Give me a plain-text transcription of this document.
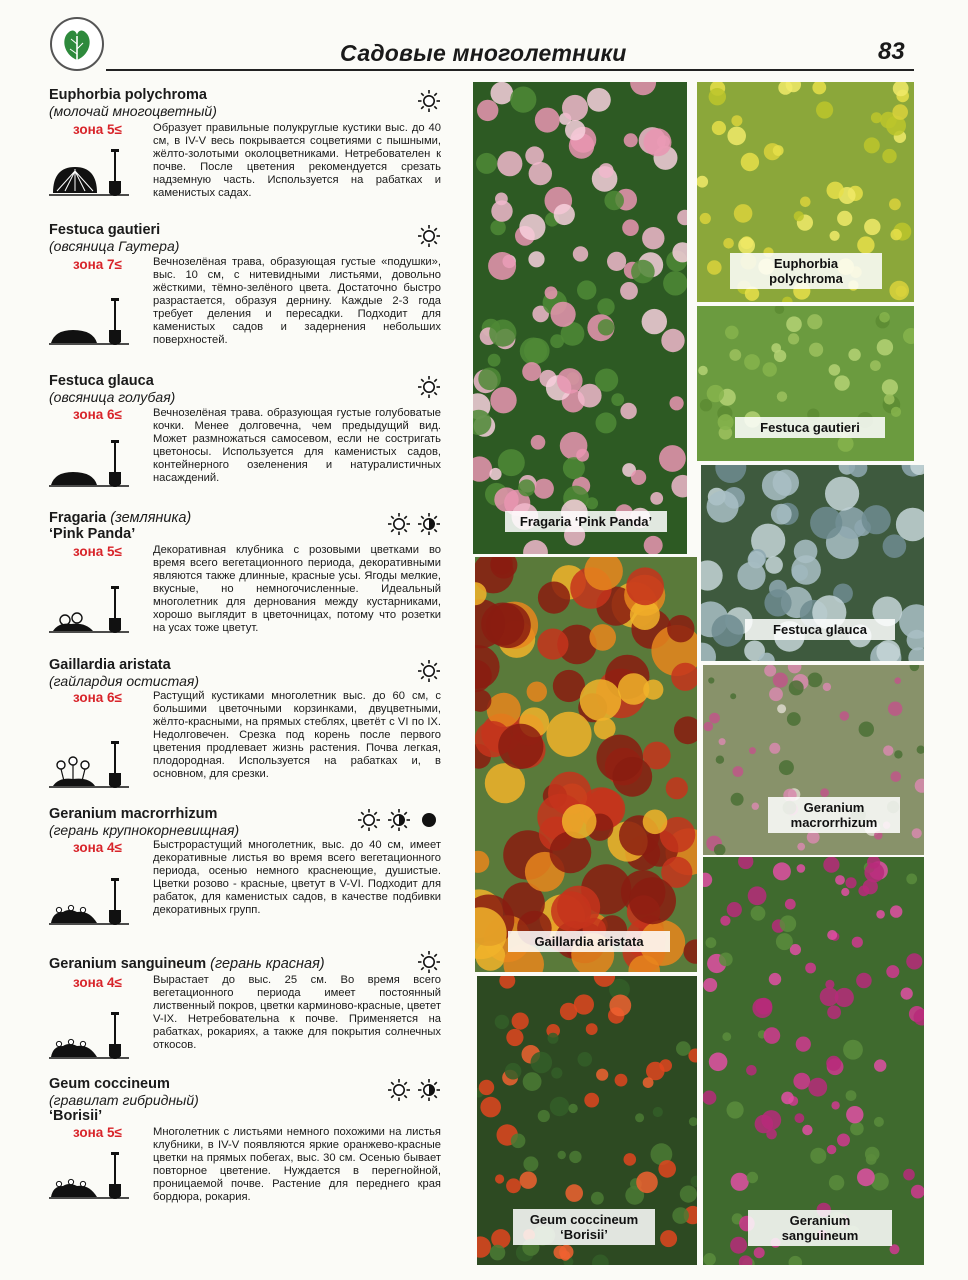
Садовые многолетники	83
Euphorbia polychroma
(молочай многоцветный)
зона 5≤	Образует правильные полукруглые кустики выс. до 40 см, в IV-V весь покрывается соцветиями с пышными, жёлто-золотыми околоцветниками. Нетребователен к почве. После цветения рекомендуется срезать надземную часть. Используется на рабатках и каменистых садах.
Festuca gautieri
(овсяница Гаутера)
зона 7≤	Вечнозелёная трава, образующая густые «подушки», выс. 10 см, с нитевидными листьями, довольно жёсткими, тёмно-зелёного цвета. Достаточно быстро разрастается, образуя дернину. Каждые 2-3 года требует деления и пересадки. Подходит для каменистых садов и задернения небольших поверхностей.
Festuca glauca
(овсяница голубая)
зона 6≤	Вечнозелёная трава. образующая густые голубоватые кочки. Менее долговечна, чем предыдущий вид. Может размножаться самосевом, если не состригать цветоносы. Используется для каменистых садов, контейнерного озеленения и натуралистичных насаждений.
Fragaria (земляника)
‘Pink Panda’
зона 5≤	Декоративная клубника с розовыми цветками во время всего вегетационного периода, декоративными являются также длинные, красные усы. Ягоды мелкие, вкусные, но немногочисленные. Идеальный многолетник для дернования между кустарниками, хорошо выглядит в цветочницах, потому что розетки на усах тоже цветут.
Gaillardia aristata
(гайлардия остистая)
зона 6≤	Растущий кустиками многолетник выс. до 60 см, с большими цветочными корзинками, двуцветными, жёлто-красными, на прямых стеблях, цветёт с VI по IX. Недолговечен. Срезка под корень после первого цветения продлевает жизнь растения. Почва легкая, плодородная. Используется на рабатках и, в основном, для срезки.
Geranium macrorrhizum
(герань крупнокорневищная)
зона 4≤	Быстрорастущий многолетник, выс. до 40 см, имеет декоративные листья во время всего вегетационного периода, осенью немного краснеющие, душистые. Цветки розово - красные, цветут в V-VI. Подходит для рабаток, для каменистых садов, в качестве подбивки декоративных групп.
Geranium sanguineum (герань красная)
зона 4≤	Вырастает до выс. 25 см. Во время всего вегетационного периода имеет постоянный лиственный покров, цветки карминово-красные, цветет V-IX. Нетребовательна к почве. Применяется на рабатках, рокариях, а также для покрытия солнечных откосов.
Geum coccineum
(гравилат гибридный)
‘Borisii’
зона 5≤	Многолетник с листьями немного похожими на листья клубники, в IV-V появляются яркие оранжево-красные цветки на прямых побегах, выс. 30 см. Осенью бывает повторное цветение. Нуждается в перегнойной, проницаемой почве. Растение для переднего края бордюра, рокария.
Euphorbia polychroma
Fragaria ‘Pink Panda’
Festuca gautieri
Festuca glauca
Geranium
macrorrhizum
Gaillardia aristata
Geum coccineum
‘Borisii’
Geranium
sanguineum
